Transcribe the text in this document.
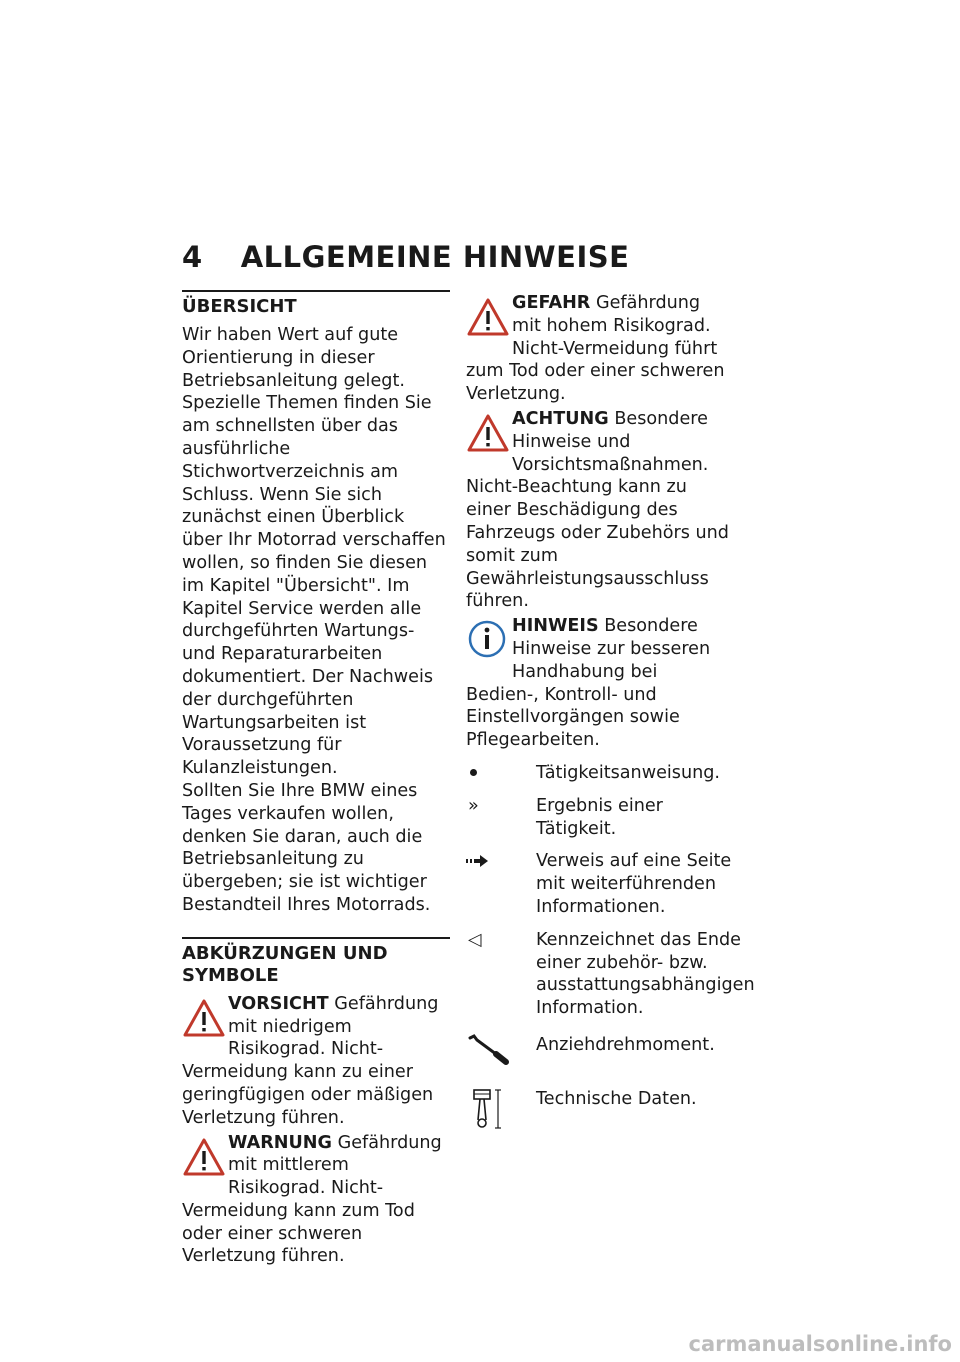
4 ALLGEMEINE HINWEISE
ÜBERSICHT

Wir haben Wert auf gute Orientierung in dieser Betriebsanleitung gelegt. Spezielle Themen finden Sie am schnellsten über das ausführliche Stichwortverzeichnis am Schluss. Wenn Sie sich zunächst einen Überblick über Ihr Motorrad verschaffen wollen, so finden Sie diesen im Kapitel "Übersicht". Im Kapitel Service werden alle durchgeführten Wartungs- und Reparaturarbeiten dokumentiert. Der Nachweis der durchgeführten Wartungsarbeiten ist Voraussetzung für Kulanzleistungen.

Sollten Sie Ihre BMW eines Tages verkaufen wollen, denken Sie daran, auch die Betriebsanleitung zu übergeben; sie ist wichtiger Bestandteil Ihres Motorrads.

ABKÜRZUNGEN UND SYMBOLE
VORSICHT Gefährdung mit niedrigem Risikograd. Nicht-Vermeidung kann zu einer geringfügigen oder mäßigen Verletzung führen.
WARNUNG Gefährdung mit mittlerem Risikograd. Nicht-Vermeidung kann zum Tod oder einer schweren Verletzung führen.
GEFAHR Gefährdung mit hohem Risikograd. Nicht-Vermeidung führt zum Tod oder einer schweren Verletzung.
ACHTUNG Besondere Hinweise und Vorsichtsmaßnahmen. Nicht-Beachtung kann zu einer Beschädigung des Fahrzeugs oder Zubehörs und somit zum Gewährleistungsausschluss führen.
HINWEIS Besondere Hinweise zur besseren Handhabung bei Bedien-, Kontroll- und Einstellvorgängen sowie Pflegearbeiten.
Tätigkeitsanweisung.
»	Ergebnis einer Tätigkeit.
Verweis auf eine Seite mit weiterführenden Informationen.
◁	Kennzeichnet das Ende einer zubehör- bzw. ausstattungsabhängigen Information.
Anziehdrehmoment.
Technische Daten.
carmanualsonline.info
